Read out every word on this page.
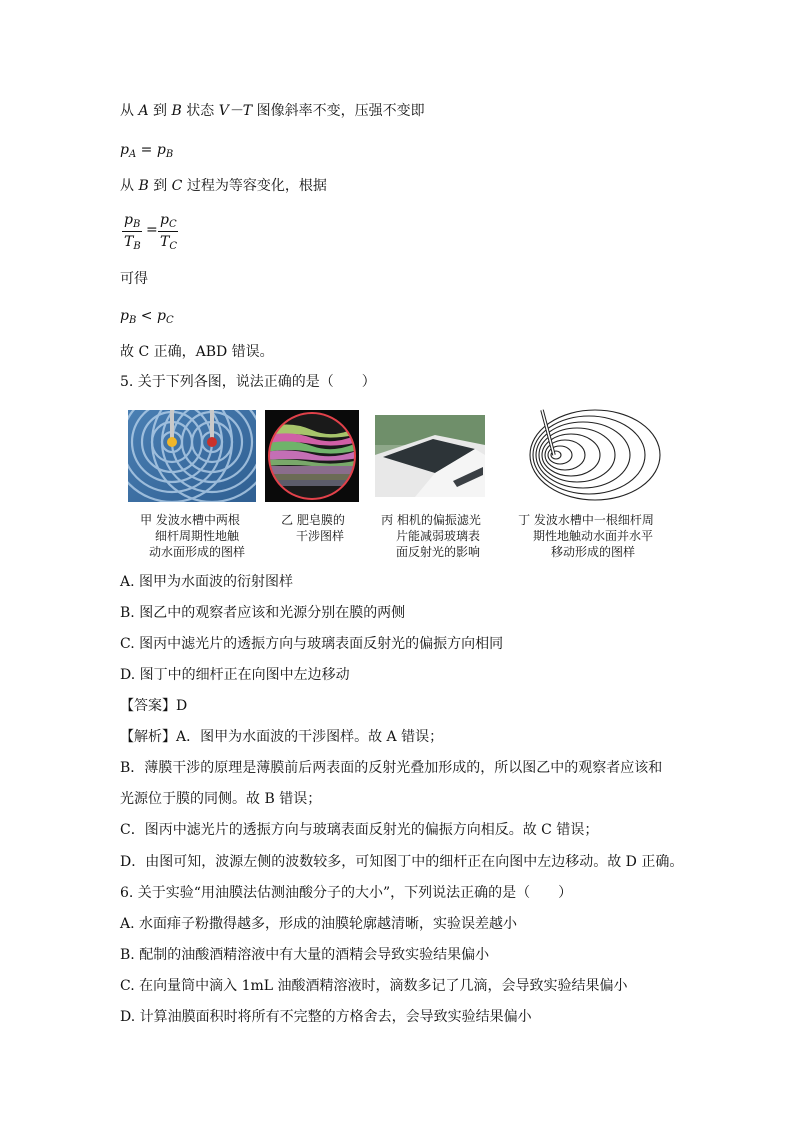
从 A 到 B 状态 V－T 图像斜率不变，压强不变即
$p_A = p_B$
从 B 到 C 过程为等容变化，根据
$p_B$
$T_B$
=
$p_C$
$T_C$
可得
$p_B < p_C$
故 C 正确，ABD 错误。
5. 关于下列各图，说法正确的是（　　）
甲 发波水槽中两根
细杆周期性地触
动水面形成的图样
乙 肥皂膜的
干涉图样
丙 相机的偏振滤光
片能减弱玻璃表
面反射光的影响
丁 发波水槽中一根细杆周
期性地触动水面并水平
移动形成的图样
A. 图甲为水面波的衍射图样
B. 图乙中的观察者应该和光源分别在膜的两侧
C. 图丙中滤光片的透振方向与玻璃表面反射光的偏振方向相同
D. 图丁中的细杆正在向图中左边移动
【答案】D
【解析】A．图甲为水面波的干涉图样。故 A 错误；
B．薄膜干涉的原理是薄膜前后两表面的反射光叠加形成的，所以图乙中的观察者应该和
光源位于膜的同侧。故 B 错误；
C．图丙中滤光片的透振方向与玻璃表面反射光的偏振方向相反。故 C 错误；
D．由图可知，波源左侧的波数较多，可知图丁中的细杆正在向图中左边移动。故 D 正确。
6. 关于实验“用油膜法估测油酸分子的大小”，下列说法正确的是（　　）
A. 水面痱子粉撒得越多，形成的油膜轮廓越清晰，实验误差越小
B. 配制的油酸酒精溶液中有大量的酒精会导致实验结果偏小
C. 在向量筒中滴入 1mL 油酸酒精溶液时，滴数多记了几滴，会导致实验结果偏小
D. 计算油膜面积时将所有不完整的方格舍去，会导致实验结果偏小
